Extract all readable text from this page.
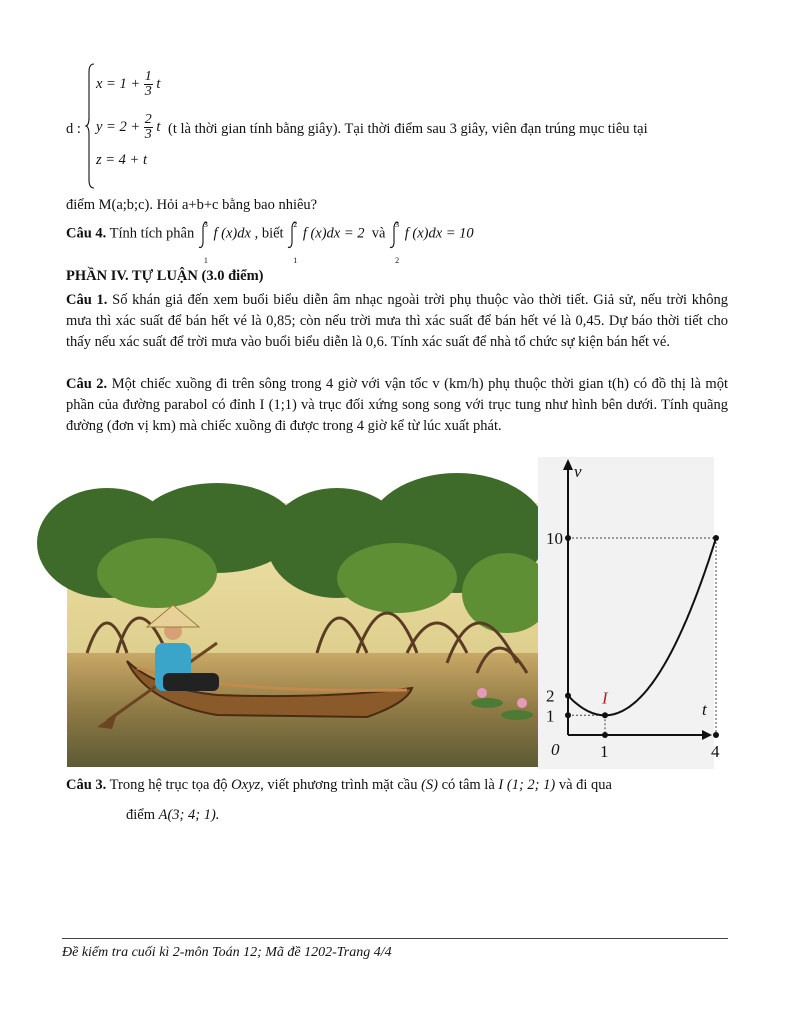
d :
$x = 1 + \frac{1}{3}$ t
$y = 2 + \frac{2}{3}$ t
z = 4 + t
(t là thời gian tính bằng giây). Tại thời điểm sau 3 giây, viên đạn trúng mục tiêu tại
điểm M(a;b;c). Hỏi a+b+c bằng bao nhiêu?
Câu 4. Tính tích phân
3
1
f (x)dx , biết
2
1
f (x)dx = 2 và
3
2
f (x)dx = 10
PHẦN IV. TỰ LUẬN (3.0 điểm)
Câu 1. Số khán giả đến xem buổi biểu diễn âm nhạc ngoài trời phụ thuộc vào thời tiết. Giả sử, nếu trời không mưa thì xác suất để bán hết vé là 0,85; còn nếu trời mưa thì xác suất để bán hết vé là 0,45. Dự báo thời tiết cho thấy nếu xác suất để trời mưa vào buổi biểu diễn là 0,6. Tính xác suất để nhà tổ chức sự kiện bán hết vé.
Câu 2. Một chiếc xuồng đi trên sông trong 4 giờ với vận tốc v (km/h) phụ thuộc thời gian t(h) có đồ thị là một phần của đường parabol có đỉnh I (1;1) và trục đối xứng song song với trục tung như hình bên dưới. Tính quãng đường (đơn vị km) mà chiếc xuồng đi được trong 4 giờ kể từ lúc xuất phát.
v
t
0
I
10
2
1
1	4
Câu 3. Trong hệ trục tọa độ Oxyz, viết phương trình mặt cầu (S) có tâm là I (1; 2; 1) và đi qua
điểm A(3; 4; 1).
Đề kiểm tra cuối kì 2-môn Toán 12; Mã đề 1202-Trang 4/4
